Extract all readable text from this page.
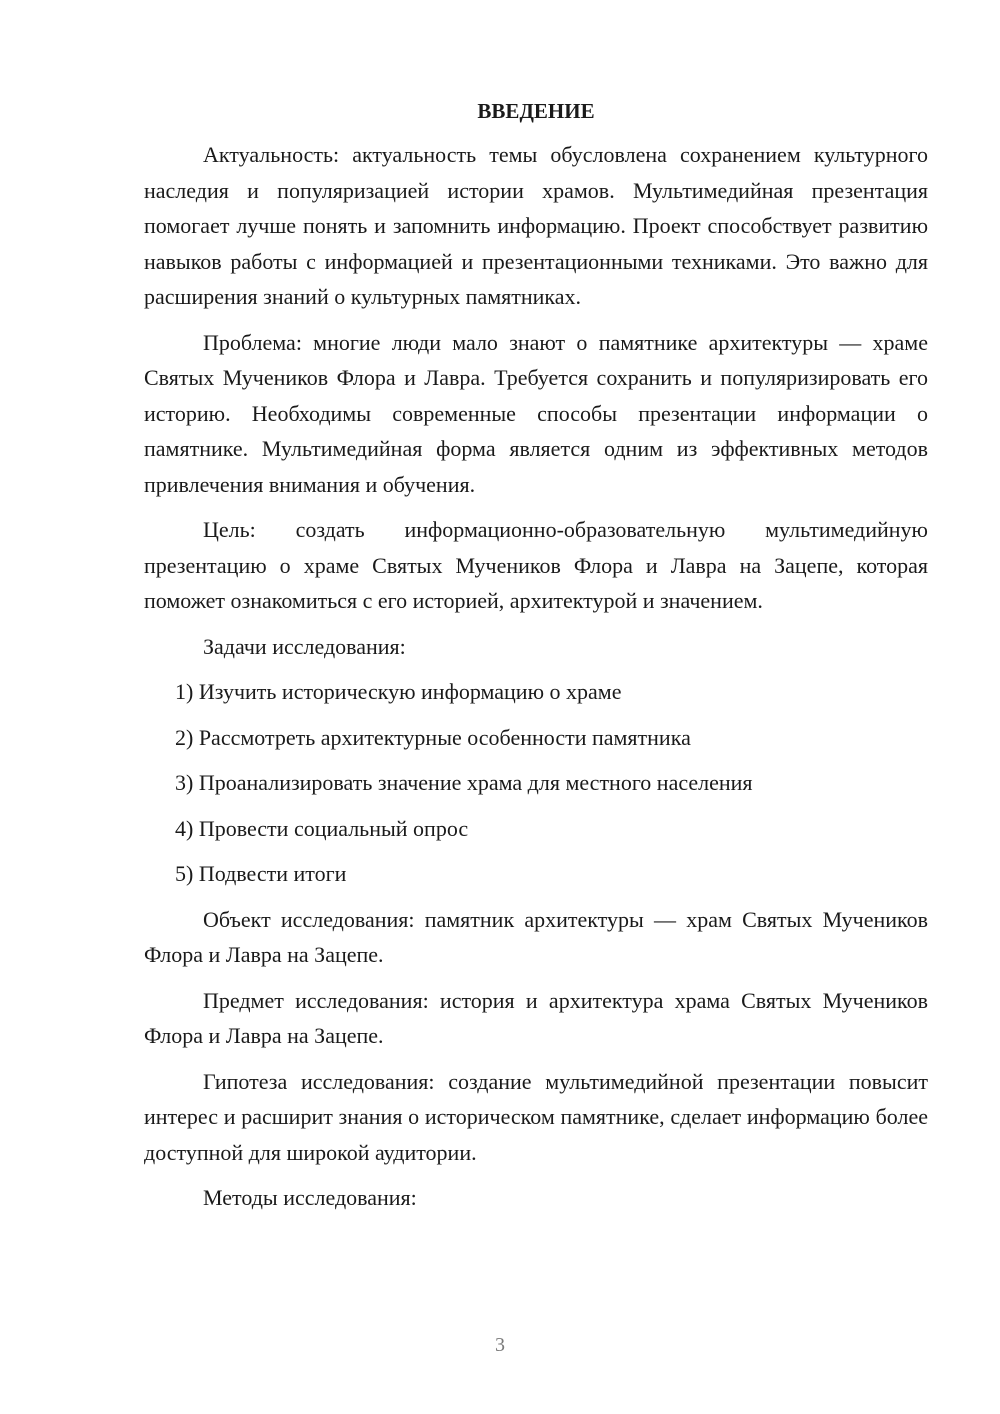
ВВЕДЕНИЕ

Актуальность: актуальность темы обусловлена сохранением культурного наследия и популяризацией истории храмов. Мультимедийная презентация помогает лучше понять и запомнить информацию. Проект способствует развитию навыков работы с информацией и презентационными техниками. Это важно для расширения знаний о культурных памятниках.

Проблема: многие люди мало знают о памятнике архитектуры — храме Святых Мучеников Флора и Лавра. Требуется сохранить и популяризировать его историю. Необходимы современные способы презентации информации о памятнике. Мультимедийная форма является одним из эффективных методов привлечения внимания и обучения.

Цель: создать информационно-образовательную мультимедийную презентацию о храме Святых Мучеников Флора и Лавра на Зацепе, которая поможет ознакомиться с его историей, архитектурой и значением.

Задачи исследования:

1) Изучить историческую информацию о храме
2) Рассмотреть архитектурные особенности памятника
3) Проанализировать значение храма для местного населения
4) Провести социальный опрос
5) Подвести итоги

Объект исследования: памятник архитектуры — храм Святых Мучеников Флора и Лавра на Зацепе.

Предмет исследования: история и архитектура храма Святых Мучеников Флора и Лавра на Зацепе.

Гипотеза исследования: создание мультимедийной презентации повысит интерес и расширит знания о историческом памятнике, сделает информацию более доступной для широкой аудитории.

Методы исследования:

3
